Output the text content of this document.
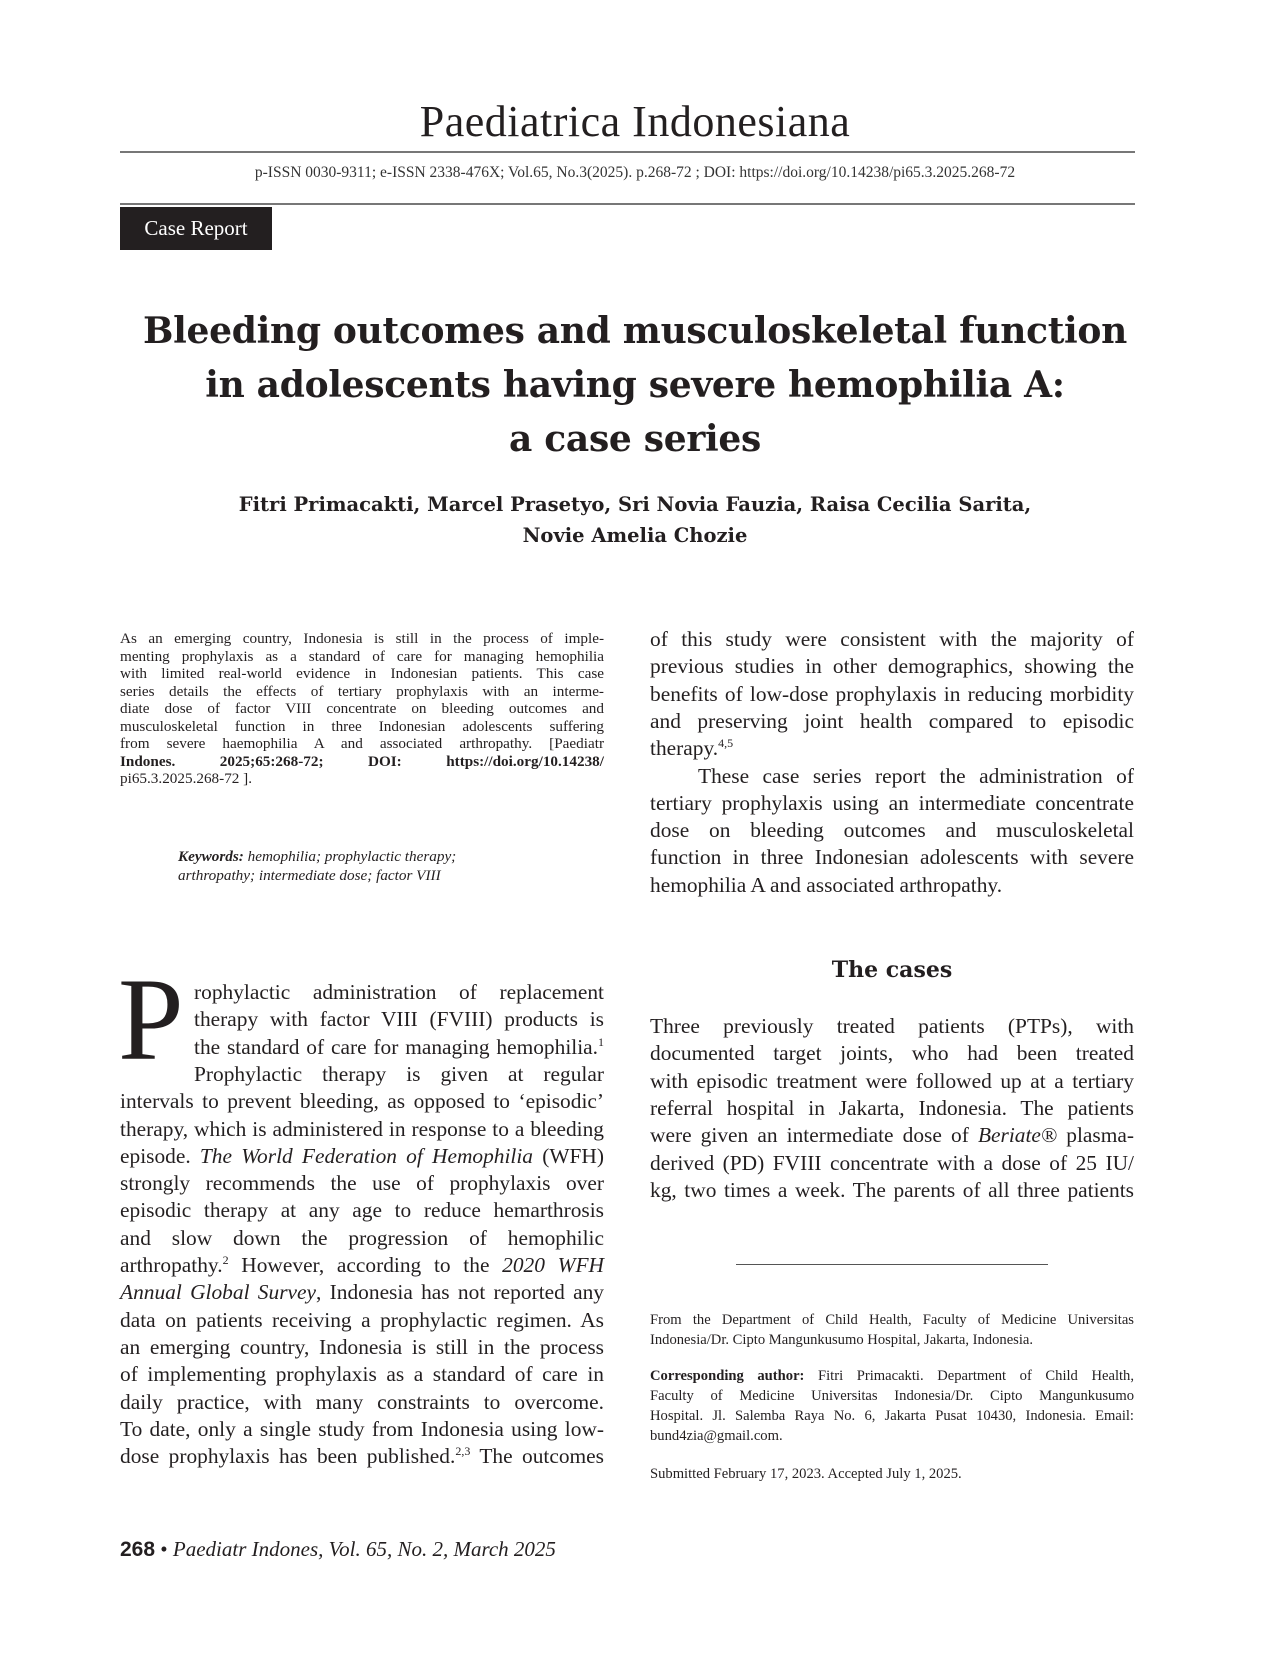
Paediatrica Indonesiana
p-ISSN 0030-9311; e-ISSN 2338-476X; Vol.65, No.3(2025). p.268-72 ; DOI: https://doi.org/10.14238/pi65.3.2025.268-72
Case Report
Bleeding outcomes and musculoskeletal function
in adolescents having severe hemophilia A:
a case series
Fitri Primacakti, Marcel Prasetyo, Sri Novia Fauzia, Raisa Cecilia Sarita,
Novie Amelia Chozie
As an emerging country, Indonesia is still in the process of imple-
menting prophylaxis as a standard of care for managing hemophilia
with limited real-world evidence in Indonesian patients. This case
series details the effects of tertiary prophylaxis with an interme-
diate dose of factor VIII concentrate on bleeding outcomes and
musculoskeletal function in three Indonesian adolescents suffering
from severe haemophilia A and associated arthropathy. [Paediatr
Indones. 2025;65:268-72; DOI: https://doi.org/10.14238/
pi65.3.2025.268-72 ].
Keywords: hemophilia; prophylactic therapy;
arthropathy; intermediate dose; factor VIII
P rophylactic administration of replacement
therapy with factor VIII (FVIII) products is
the standard of care for managing hemophilia.$^1$
Prophylactic therapy is given at regular
intervals to prevent bleeding, as opposed to ‘episodic’
therapy, which is administered in response to a bleeding
episode. The World Federation of Hemophilia (WFH)
strongly recommends the use of prophylaxis over
episodic therapy at any age to reduce hemarthrosis
and slow down the progression of hemophilic
arthropathy.$^2$ However, according to the 2020 WFH
Annual Global Survey, Indonesia has not reported any
data on patients receiving a prophylactic regimen. As
an emerging country, Indonesia is still in the process
of implementing prophylaxis as a standard of care in
daily practice, with many constraints to overcome.
To date, only a single study from Indonesia using low-
dose prophylaxis has been published.$^{2,3}$ The outcomes
of this study were consistent with the majority of
previous studies in other demographics, showing the
benefits of low-dose prophylaxis in reducing morbidity
and preserving joint health compared to episodic
therapy.$^{4,5}$
These case series report the administration of
tertiary prophylaxis using an intermediate concentrate
dose on bleeding outcomes and musculoskeletal
function in three Indonesian adolescents with severe
hemophilia A and associated arthropathy.
The cases
Three previously treated patients (PTPs), with
documented target joints, who had been treated
with episodic treatment were followed up at a tertiary
referral hospital in Jakarta, Indonesia. The patients
were given an intermediate dose of Beriate® plasma-
derived (PD) FVIII concentrate with a dose of 25 IU/
kg, two times a week. The parents of all three patients
From the Department of Child Health, Faculty of Medicine Universitas
Indonesia/Dr. Cipto Mangunkusumo Hospital, Jakarta, Indonesia.
Corresponding author: Fitri Primacakti. Department of Child Health,
Faculty of Medicine Universitas Indonesia/Dr. Cipto Mangunkusumo
Hospital. Jl. Salemba Raya No. 6, Jakarta Pusat 10430, Indonesia. Email:
bund4zia@gmail.com.
Submitted February 17, 2023. Accepted July 1, 2025.
268 • Paediatr Indones, Vol. 65, No. 2, March 2025
